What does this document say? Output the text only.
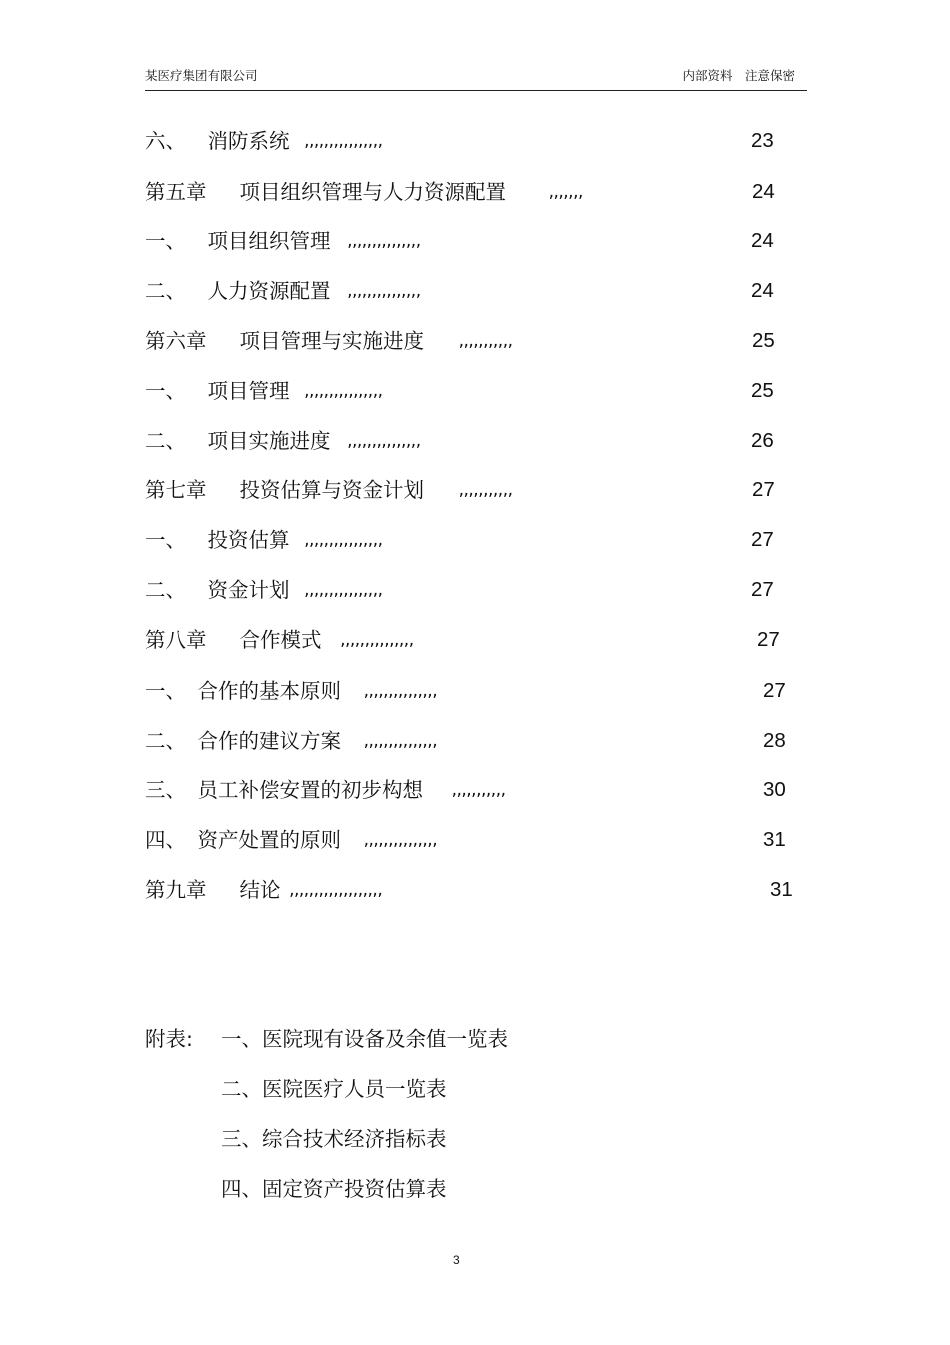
某医疗集团有限公司	内部资料　注意保密
六、 消防系统 ,,,,,,,,,,,,,,,,	23
第五章 项目组织管理与人力资源配置	,,,,,,,	24
一、 项目组织管理 ,,,,,,,,,,,,,,,	24
二、 人力资源配置 ,,,,,,,,,,,,,,,	24
第六章 项目管理与实施进度 ,,,,,,,,,,,	25
一、 项目管理 ,,,,,,,,,,,,,,,,	25
二、 项目实施进度 ,,,,,,,,,,,,,,,	26
第七章 投资估算与资金计划 ,,,,,,,,,,,	27
一、 投资估算 ,,,,,,,,,,,,,,,,	27
二、 资金计划 ,,,,,,,,,,,,,,,,	27
第八章 合作模式 ,,,,,,,,,,,,,,,	27
一、 合作的基本原则 ,,,,,,,,,,,,,,,	27
二、 合作的建议方案 ,,,,,,,,,,,,,,,	28
三、 员工补偿安置的初步构想 ,,,,,,,,,,,	30
四、 资产处置的原则 ,,,,,,,,,,,,,,,	31
第九章 结论 ,,,,,,,,,,,,,,,,,,,	31
附表: 一、医院现有设备及余值一览表
二、医院医疗人员一览表
三、综合技术经济指标表
四、固定资产投资估算表
3
